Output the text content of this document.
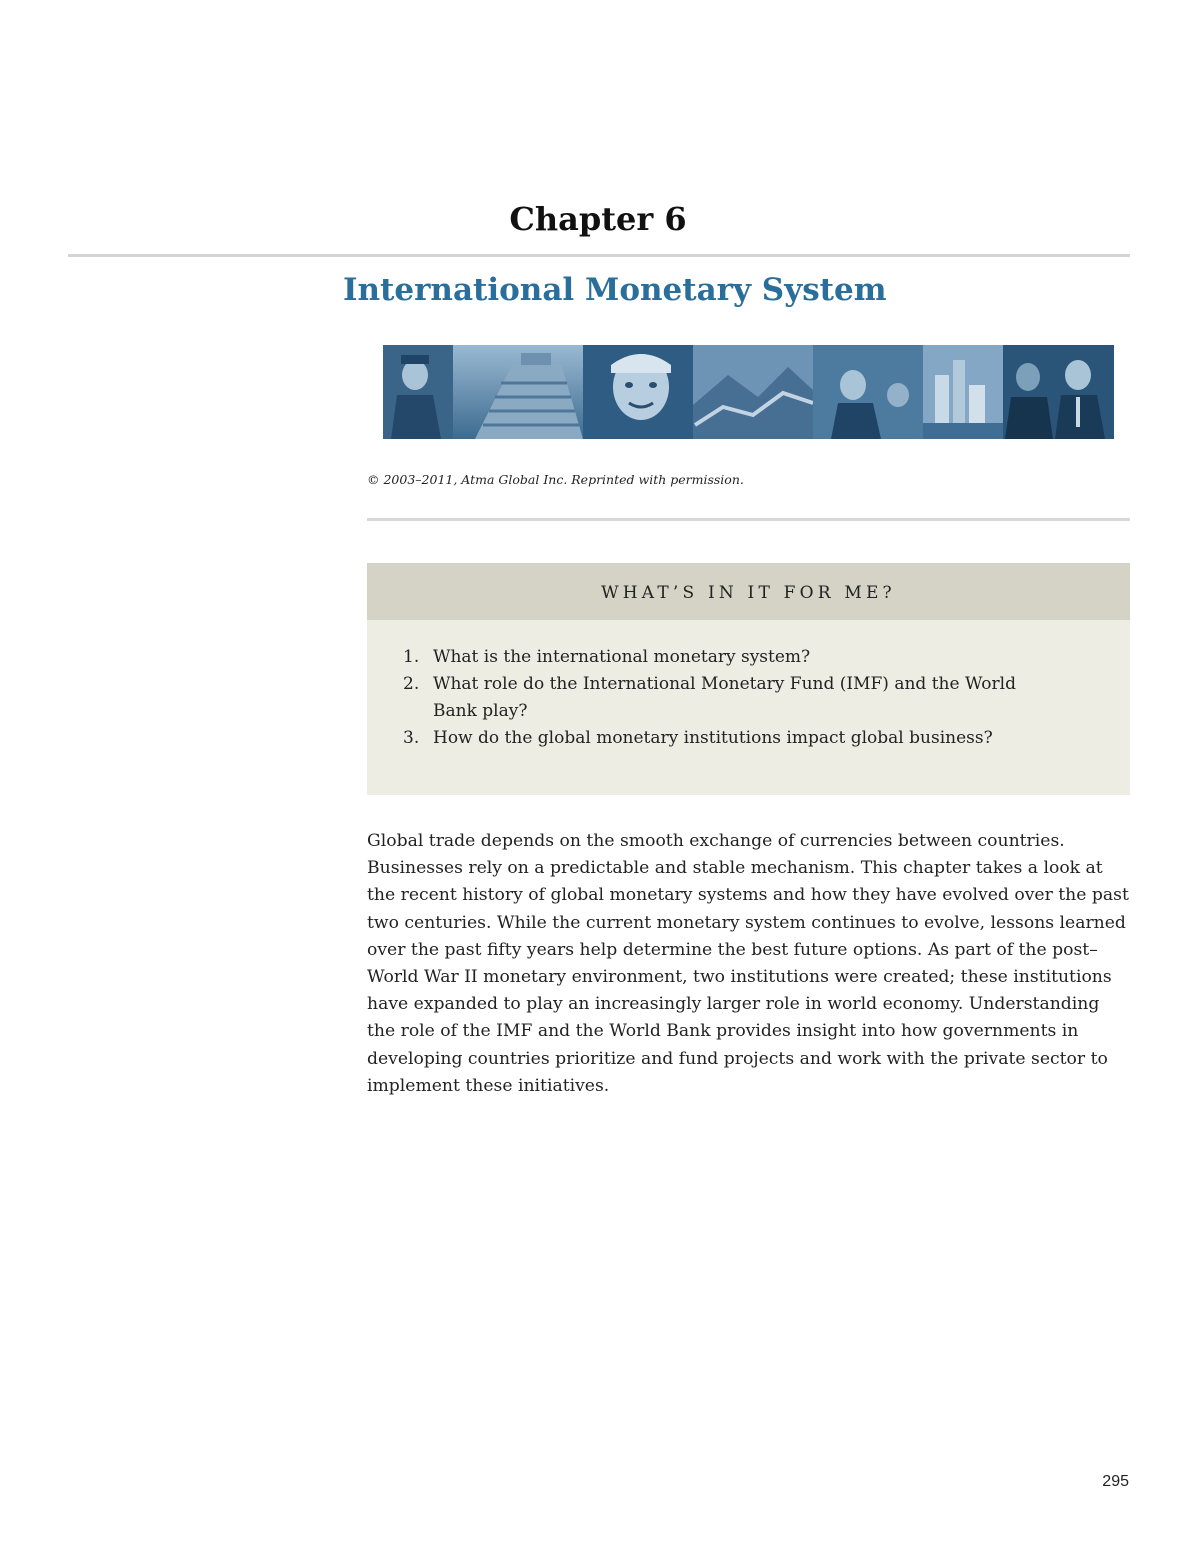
Chapter 6
International Monetary System
© 2003–2011, Atma Global Inc. Reprinted with permission.
WHAT’S IN IT FOR ME?
1. What is the international monetary system?
2. What role do the International Monetary Fund (IMF) and the World Bank play?
3. How do the global monetary institutions impact global business?

Global trade depends on the smooth exchange of currencies between countries. Businesses rely on a predictable and stable mechanism. This chapter takes a look at the recent history of global monetary systems and how they have evolved over the past two centuries. While the current monetary system continues to evolve, lessons learned over the past fifty years help determine the best future options. As part of the post–World War II monetary environment, two institutions were created; these institutions have expanded to play an increasingly larger role in world economy. Understanding the role of the IMF and the World Bank provides insight into how governments in developing countries prioritize and fund projects and work with the private sector to implement these initiatives.

295
